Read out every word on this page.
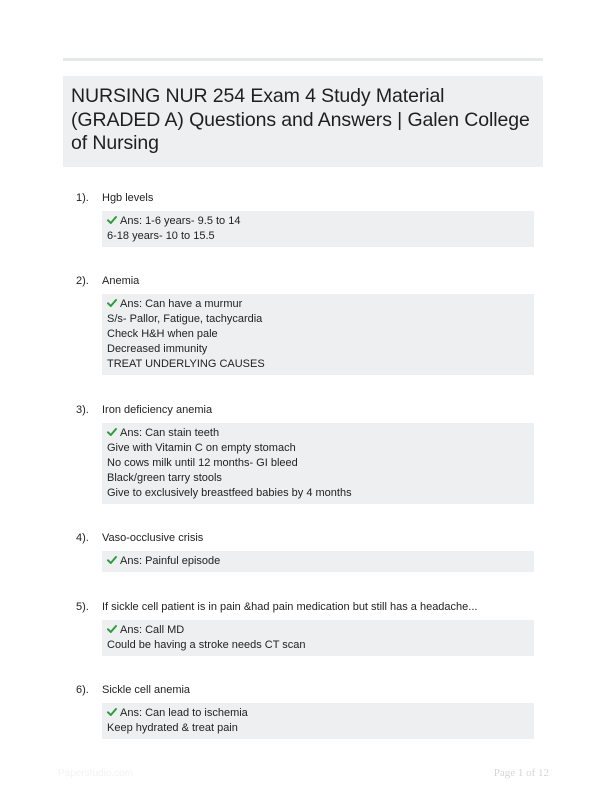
NURSING NUR 254 Exam 4 Study Material (GRADED A) Questions and Answers | Galen College of Nursing
1). Hgb levels
Ans: 1-6 years- 9.5 to 14
6-18 years- 10 to 15.5
2). Anemia
Ans: Can have a murmur
S/s- Pallor, Fatigue, tachycardia
Check H&H when pale
Decreased immunity
TREAT UNDERLYING CAUSES
3). Iron deficiency anemia
Ans: Can stain teeth
Give with Vitamin C on empty stomach
No cows milk until 12 months- GI bleed
Black/green tarry stools
Give to exclusively breastfeed babies by 4 months
4). Vaso-occlusive crisis
Ans: Painful episode
5). If sickle cell patient is in pain &had pain medication but still has a headache...
Ans: Call MD
Could be having a stroke needs CT scan
6). Sickle cell anemia
Ans: Can lead to ischemia
Keep hydrated & treat pain
Paperstudio.com	Page 1 of 12
